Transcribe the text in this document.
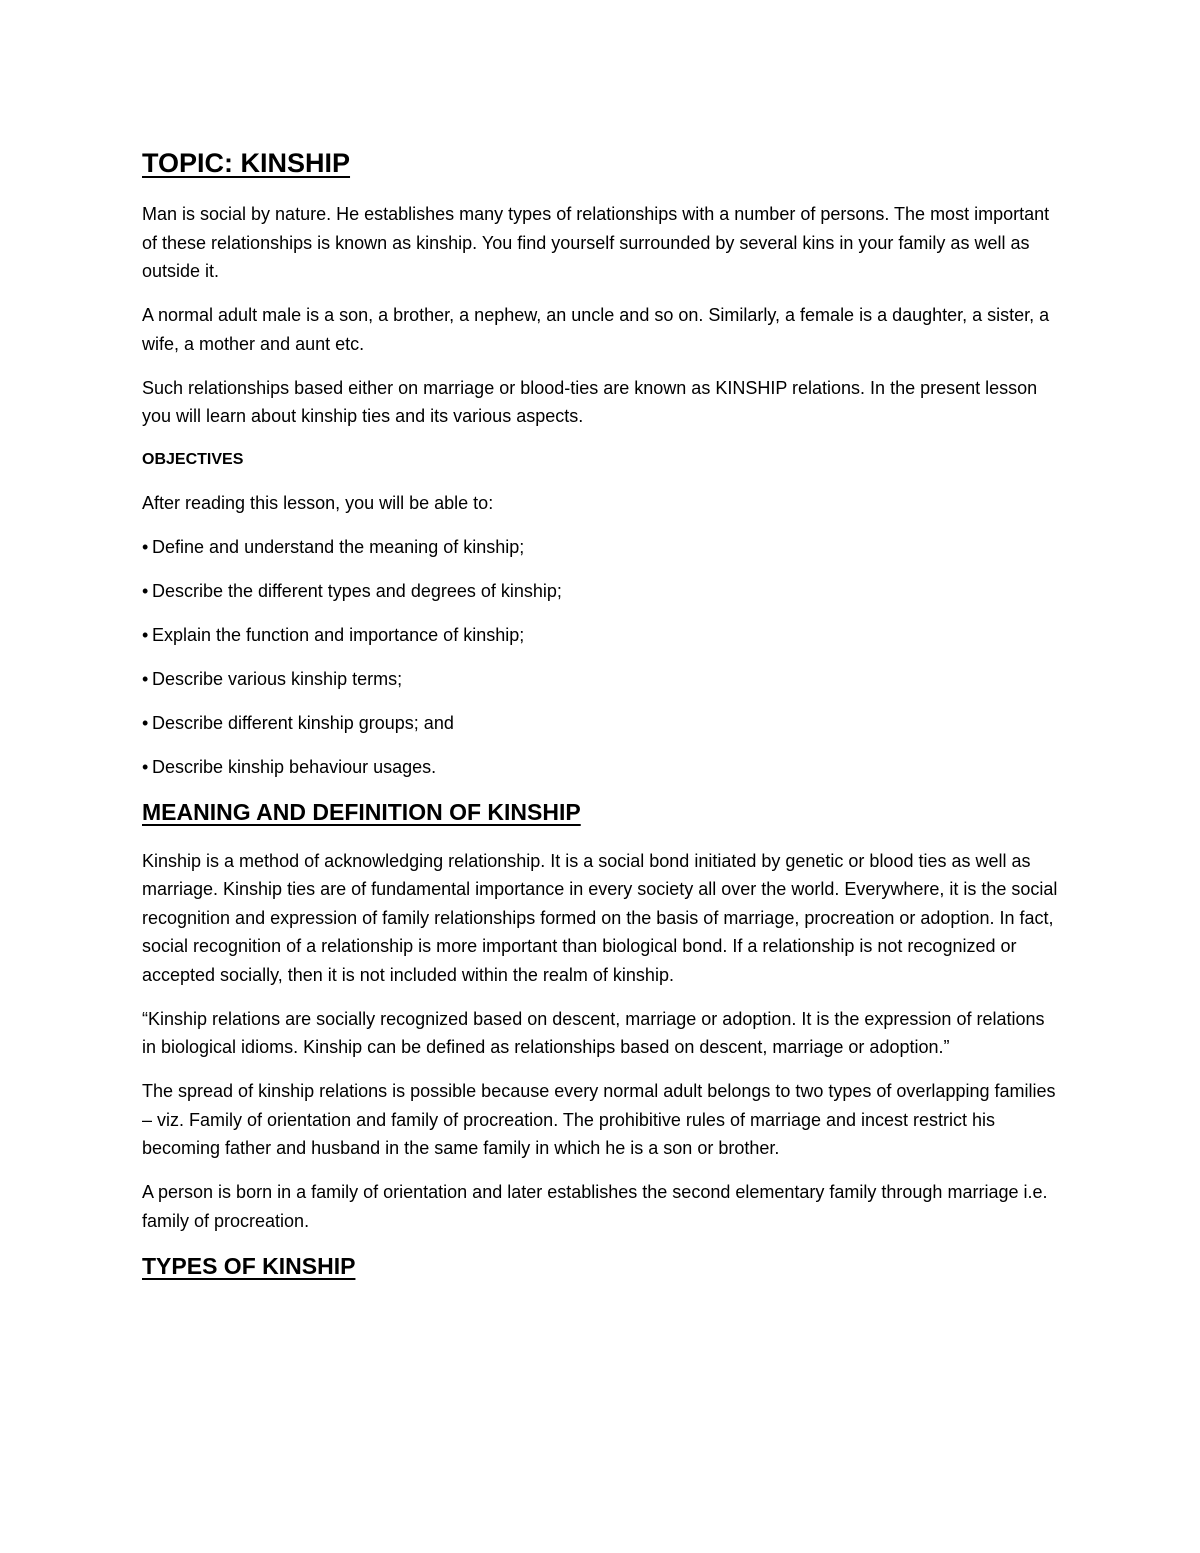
TOPIC: KINSHIP

Man is social by nature. He establishes many types of relationships with a number of persons. The most important of these relationships is known as kinship. You find yourself surrounded by several kins in your family as well as outside it.

A normal adult male is a son, a brother, a nephew, an uncle and so on. Similarly, a female is a daughter, a sister, a wife, a mother and aunt etc.

Such relationships based either on marriage or blood-ties are known as KINSHIP relations. In the present lesson you will learn about kinship ties and its various aspects.

OBJECTIVES

After reading this lesson, you will be able to:

• Define and understand the meaning of kinship;
• Describe the different types and degrees of kinship;
• Explain the function and importance of kinship;
• Describe various kinship terms;
• Describe different kinship groups; and
• Describe kinship behaviour usages.
MEANING AND DEFINITION OF KINSHIP

Kinship is a method of acknowledging relationship. It is a social bond initiated by genetic or blood ties as well as marriage. Kinship ties are of fundamental importance in every society all over the world. Everywhere, it is the social recognition and expression of family relationships formed on the basis of marriage, procreation or adoption. In fact, social recognition of a relationship is more important than biological bond. If a relationship is not recognized or accepted socially, then it is not included within the realm of kinship.

“Kinship relations are socially recognized based on descent, marriage or adoption. It is the expression of relations in biological idioms. Kinship can be defined as relationships based on descent, marriage or adoption.”

The spread of kinship relations is possible because every normal adult belongs to two types of overlapping families – viz. Family of orientation and family of procreation. The prohibitive rules of marriage and incest restrict his becoming father and husband in the same family in which he is a son or brother.

A person is born in a family of orientation and later establishes the second elementary family through marriage i.e. family of procreation.

TYPES OF KINSHIP
